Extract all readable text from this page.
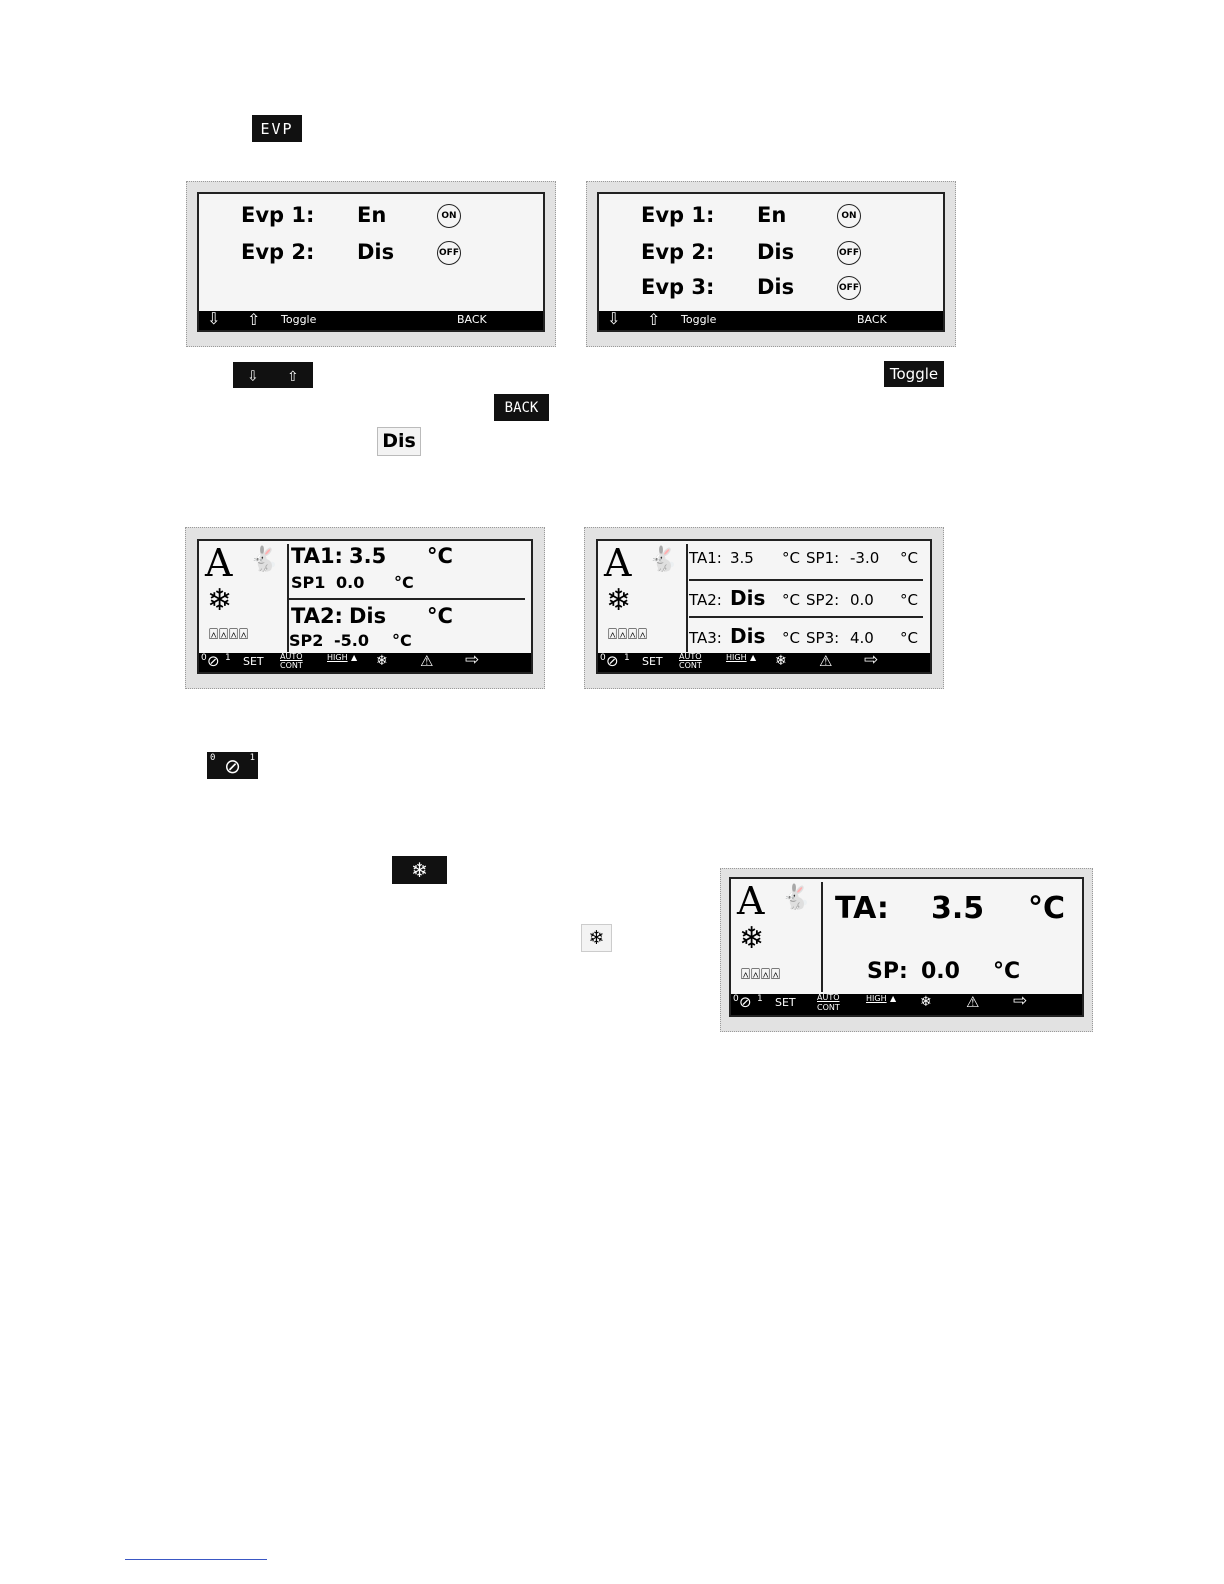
EVP
Evp 1: En	ON
Evp 2: Dis	OFF
⇩ ⇧ Toggle	BACK
Evp 1: En	ON
Evp 2: Dis	OFF
Evp 3: Dis	OFF
⇩ ⇧ Toggle	BACK
⇩ ⇧	Toggle
BACK
Dis
A 🐇
❄
⍓⍓⍓⍓
TA1: 3.5 °C
SP1 0.0 °C
TA2: Dis °C
SP2 -5.0 °C
0 ⊘ 1 SET AUTO
CONT
HIGH ▲ ❄ ⚠ ⇨
A 🐇
❄
⍓⍓⍓⍓
TA1: 3.5 °C SP1: -3.0 °C
TA2: Dis °C SP2: 0.0 °C
TA3: Dis °C SP3: 4.0 °C
0 ⊘ 1 SET AUTO
CONT
HIGH ▲ ❄ ⚠ ⇨
0 ⊘ 1
❄
❄
A 🐇
❄
⍓⍓⍓⍓
TA: 3.5 °C
SP: 0.0 °C
0 ⊘ 1 SET	AUTO
CONT
HIGH ▲ ❄ ⚠ ⇨
